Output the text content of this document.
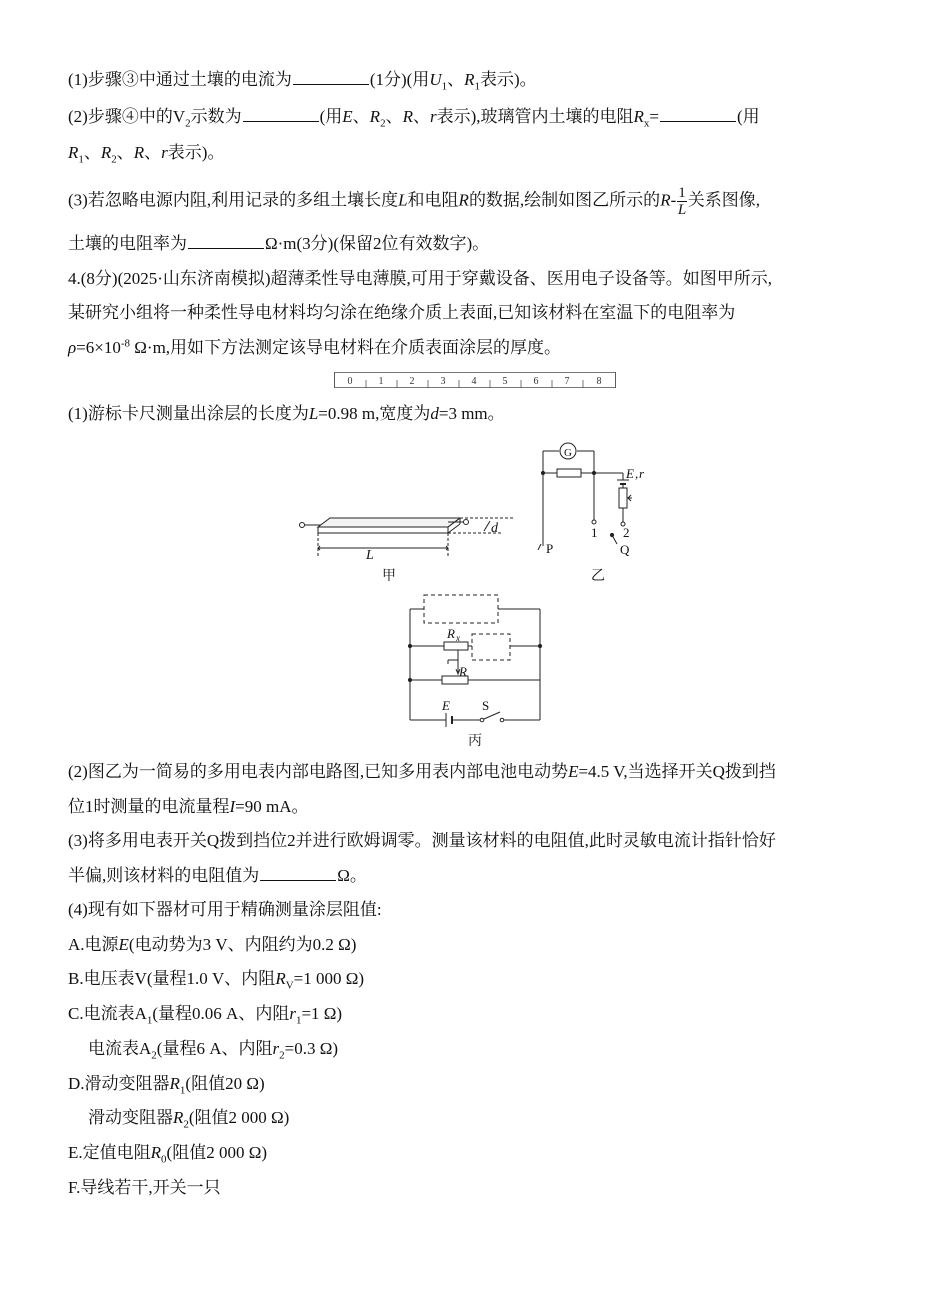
(1)步骤③中通过土壤的电流为	(1分)(用$U_1$、$R_1$表示)。
(2)步骤④中的$V_2$示数为	(用E、$R_2$、R、r表示),玻璃管内土壤的电阻$R_x=$	(用
$R_1$、$R_2$、R、r表示)。
(3)若忽略电源内阻,利用记录的多组土壤长度L和电阻R的数据,绘制如图乙所示的$R- \frac{1}{L}$ 关系图像,
土壤的电阻率为	Ω·m(3分)(保留2位有效数字)。
4.(8分)(2025·山东济南模拟)超薄柔性导电薄膜,可用于穿戴设备、医用电子设备等。如图甲所示,
某研究小组将一种柔性导电材料均匀涂在绝缘介质上表面,已知该材料在室温下的电阻率为
$\rho=6\times 10^{-8}$ Ω·m,用如下方法测定该导电材料在介质表面涂层的厚度。
0	1	2	3	4	5	6	7	8
(1)游标卡尺测量出涂层的长度为L=0.98 m,宽度为d=3 mm。
L
d
甲
G
E , r
P
1 2
Q
乙
R x
R
E S
丙
(2)图乙为一简易的多用电表内部电路图,已知多用表内部电池电动势E=4.5 V,当选择开关Q拨到挡
位1时测量的电流量程I=90 mA。
(3)将多用电表开关Q拨到挡位2并进行欧姆调零。测量该材料的电阻值,此时灵敏电流计指针恰好
半偏,则该材料的电阻值为	Ω。
(4)现有如下器材可用于精确测量涂层阻值:
A.电源E(电动势为3 V、内阻约为0.2 Ω)
B.电压表V(量程1.0 V、内阻$R_V=1$ 000 Ω)
C.电流表$A_1$(量程0.06 A、内阻$r_1=1$ Ω)
电流表$A_2$(量程6 A、内阻$r_2=0.3$ Ω)
D.滑动变阻器$R_1$(阻值20 Ω)
滑动变阻器$R_2$(阻值2 000 Ω)
E.定值电阻$R_0$(阻值2 000 Ω)
F.导线若干,开关一只
